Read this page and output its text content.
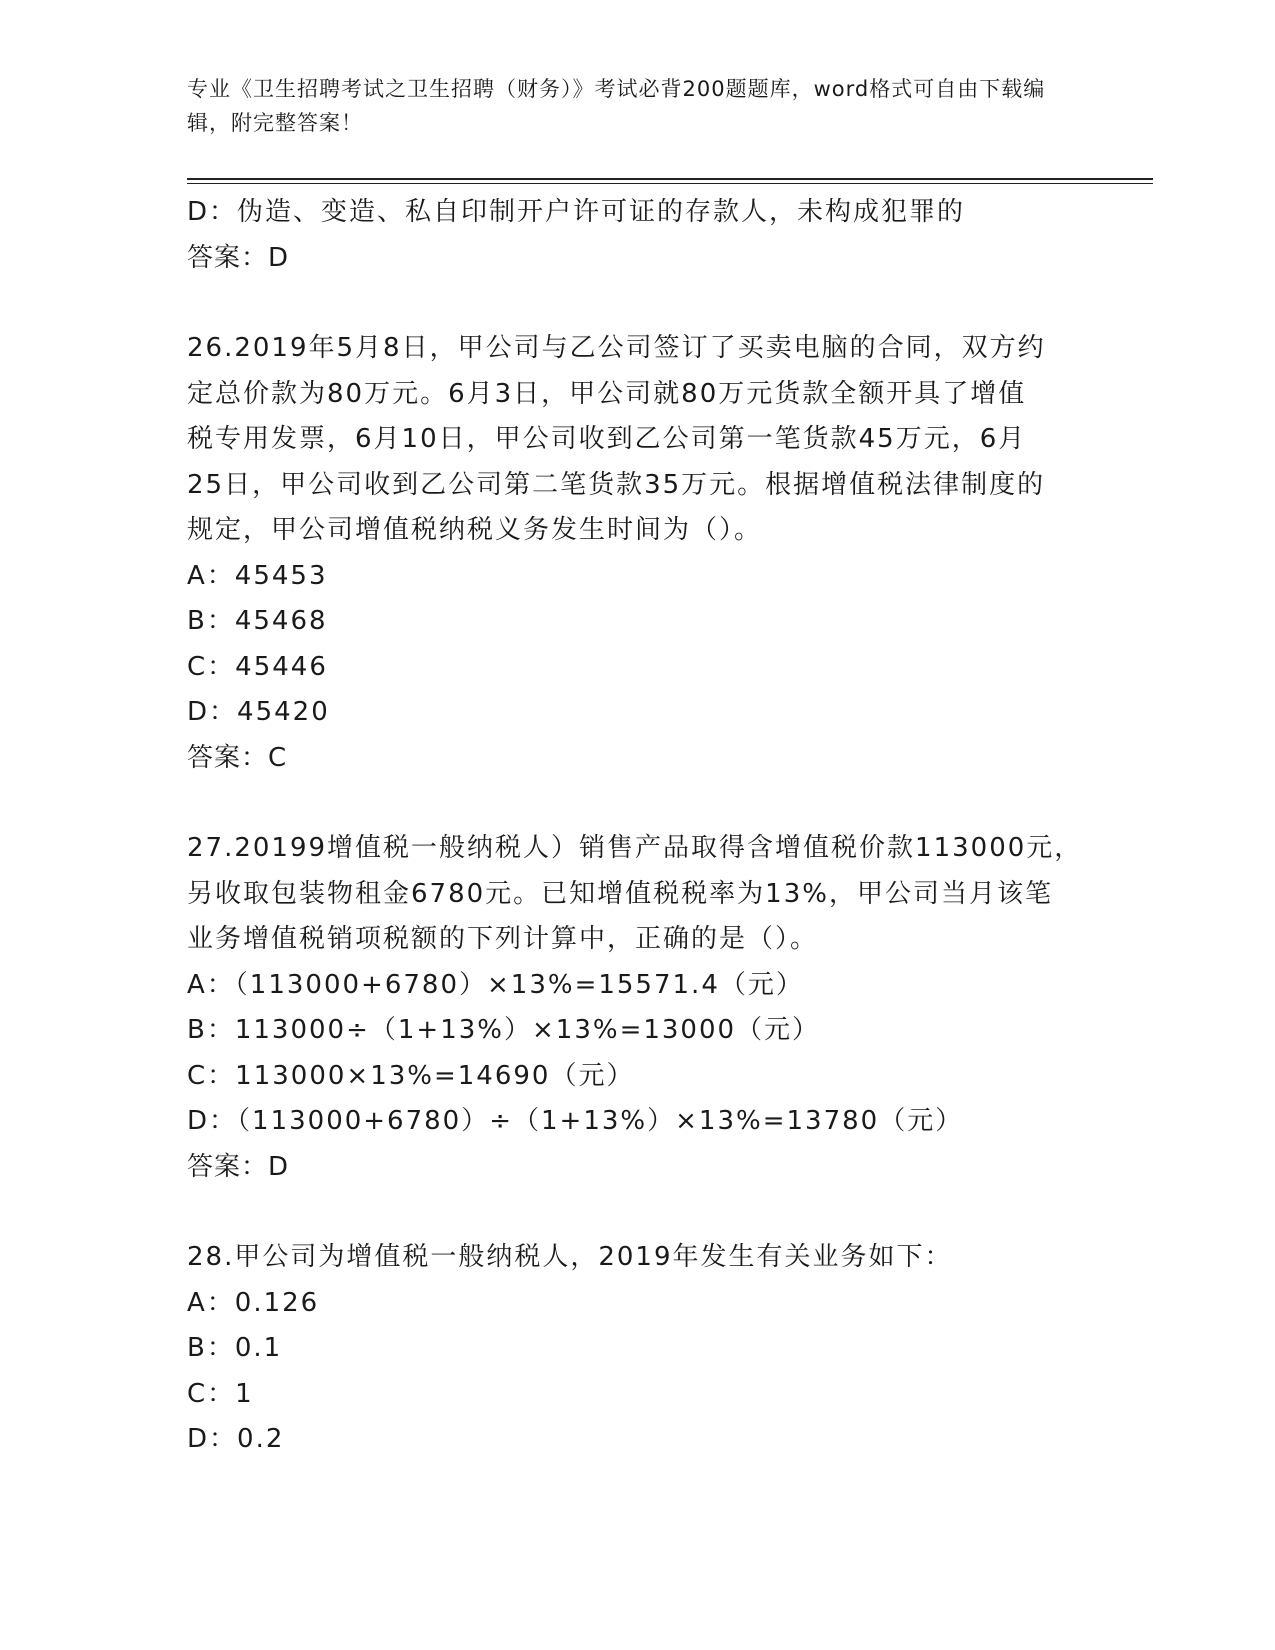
专业《卫生招聘考试之卫生招聘（财务）》考试必背200题题库，word格式可自由下载编辑，附完整答案！

D：伪造、变造、私自印制开户许可证的存款人，未构成犯罪的

答案：D

26.2019年5月8日，甲公司与乙公司签订了买卖电脑的合同，双方约

定总价款为80万元。6月3日，甲公司就80万元货款全额开具了增值

税专用发票，6月10日，甲公司收到乙公司第一笔货款45万元，6月

25日，甲公司收到乙公司第二笔货款35万元。根据增值税法律制度的

规定，甲公司增值税纳税义务发生时间为（）。

A：45453

B：45468

C：45446

D：45420

答案：C

27.20199增值税一般纳税人）销售产品取得含增值税价款113000元，

另收取包装物租金6780元。已知增值税税率为13%，甲公司当月该笔

业务增值税销项税额的下列计算中，正确的是（）。

A：（113000+6780）×13%=15571.4（元）

B：113000÷（1+13%）×13%=13000（元）

C：113000×13%=14690（元）

D：（113000+6780）÷（1+13%）×13%=13780（元）

答案：D

28.甲公司为增值税一般纳税人，2019年发生有关业务如下：

A：0.126

B：0.1

C：1

D：0.2
